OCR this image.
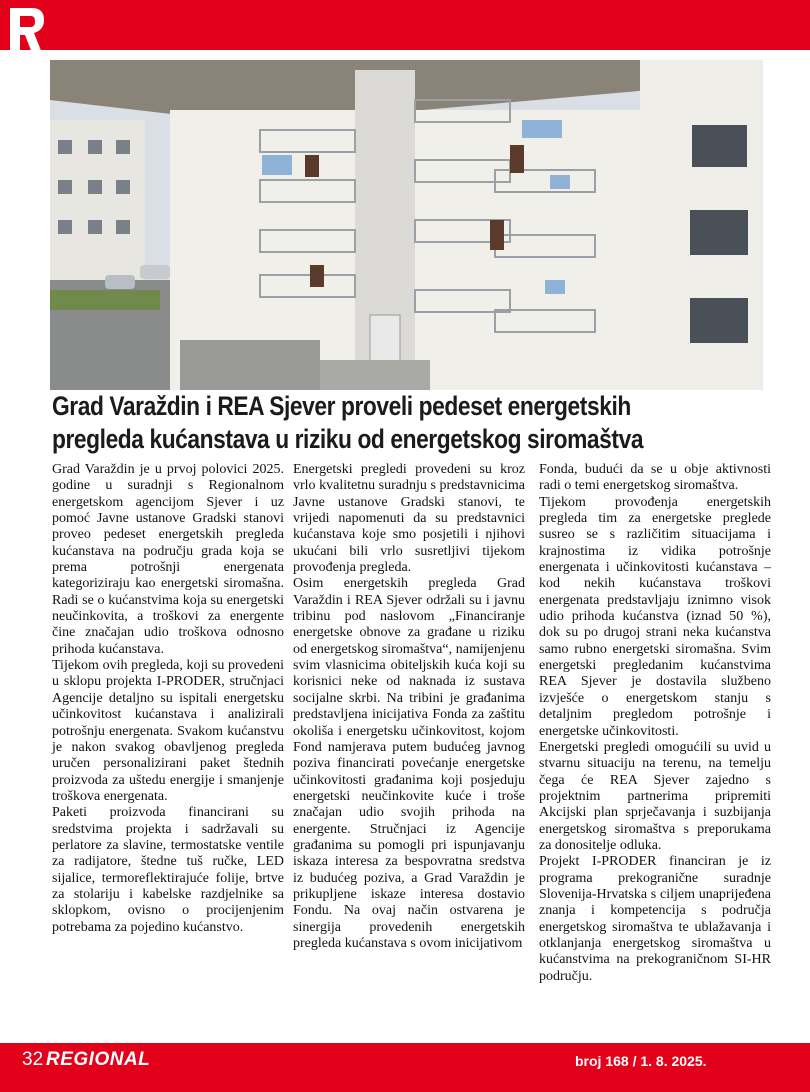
Grad Varaždin i REA Sjever proveli pedeset energetskih
pregleda kućanstava u riziku od energetskog siromaštva

Grad Varaždin je u prvoj polovici 2025. godine u suradnji s Regionalnom energetskom agencijom Sjever i uz pomoć Javne ustanove Gradski stanovi proveo pedeset energetskih pregleda kućanstava na području grada koja se prema potrošnji energenata kategoriziraju kao energetski siromašna. Radi se o kućanstvima koja su energetski neučinkovita, a troškovi za energente čine značajan udio troškova odnosno prihoda kućanstava.

Tijekom ovih pregleda, koji su provedeni u sklopu projekta I-PRODER, stručnjaci Agencije detaljno su ispitali energetsku učinkovitost kućanstava i analizirali potrošnju energenata. Svakom kućanstvu je nakon svakog obavljenog pregleda uručen personalizirani paket štednih proizvoda za uštedu energije i smanjenje troškova energenata.

Paketi proizvoda financirani su sredstvima projekta i sadržavali su perlatore za slavine, termostatske ventile za radijatore, štedne tuš ručke, LED sijalice, termoreflektirajuće folije, brtve za stolariju i kabelske razdjelnike sa sklopkom, ovisno o procijenjenim potrebama za pojedino kućanstvo.

Energetski pregledi provedeni su kroz vrlo kvalitetnu suradnju s predstavnicima Javne ustanove Gradski stanovi, te vrijedi napomenuti da su predstavnici kućanstava koje smo posjetili i njihovi ukućani bili vrlo susretljivi tijekom provođenja pregleda.

Osim energetskih pregleda Grad Varaždin i REA Sjever održali su i javnu tribinu pod naslovom „Financiranje energetske obnove za građane u riziku od energetskog siromaštva“, namijenjenu svim vlasnicima obiteljskih kuća koji su korisnici neke od naknada iz sustava socijalne skrbi. Na tribini je građanima predstavljena inicijativa Fonda za zaštitu okoliša i energetsku učinkovitost, kojom Fond namjerava putem budućeg javnog poziva financirati povećanje energetske učinkovitosti građanima koji posjeduju energetski neučinkovite kuće i troše značajan udio svojih prihoda na energente. Stručnjaci iz Agencije građanima su pomogli pri ispunjavanju iskaza interesa za bespovratna sredstva iz budućeg poziva, a Grad Varaždin je prikupljene iskaze interesa dostavio Fondu. Na ovaj način ostvarena je sinergija provedenih energetskih pregleda kućanstava s ovom inicijativom

Fonda, budući da se u obje aktivnosti radi o temi energetskog siromaštva.

Tijekom provođenja energetskih pregleda tim za energetske preglede susreo se s različitim situacijama i krajnostima iz vidika potrošnje energenata i učinkovitosti kućanstava – kod nekih kućanstava troškovi energenata predstavljaju iznimno visok udio prihoda kućanstva (iznad 50 %), dok su po drugoj strani neka kućanstva samo rubno energetski siromašna. Svim energetski pregledanim kućanstvima REA Sjever je dostavila službeno izvješće o energetskom stanju s detaljnim pregledom potrošnje i energetske učinkovitosti.

Energetski pregledi omogućili su uvid u stvarnu situaciju na terenu, na temelju čega će REA Sjever zajedno s projektnim partnerima pripremiti Akcijski plan sprječavanja i suzbijanja energetskog siromaštva s preporukama za donositelje odluka.

Projekt I-PRODER financiran je iz programa prekogranične suradnje Slovenija-Hrvatska s ciljem unaprijeđena znanja i kompetencija s područja energetskog siromaštva te ublažavanja i otklanjanja energetskog siromaštva u kućanstvima na prekograničnom SI-HR području.

32 REGIONAL	broj 168 / 1. 8. 2025.
